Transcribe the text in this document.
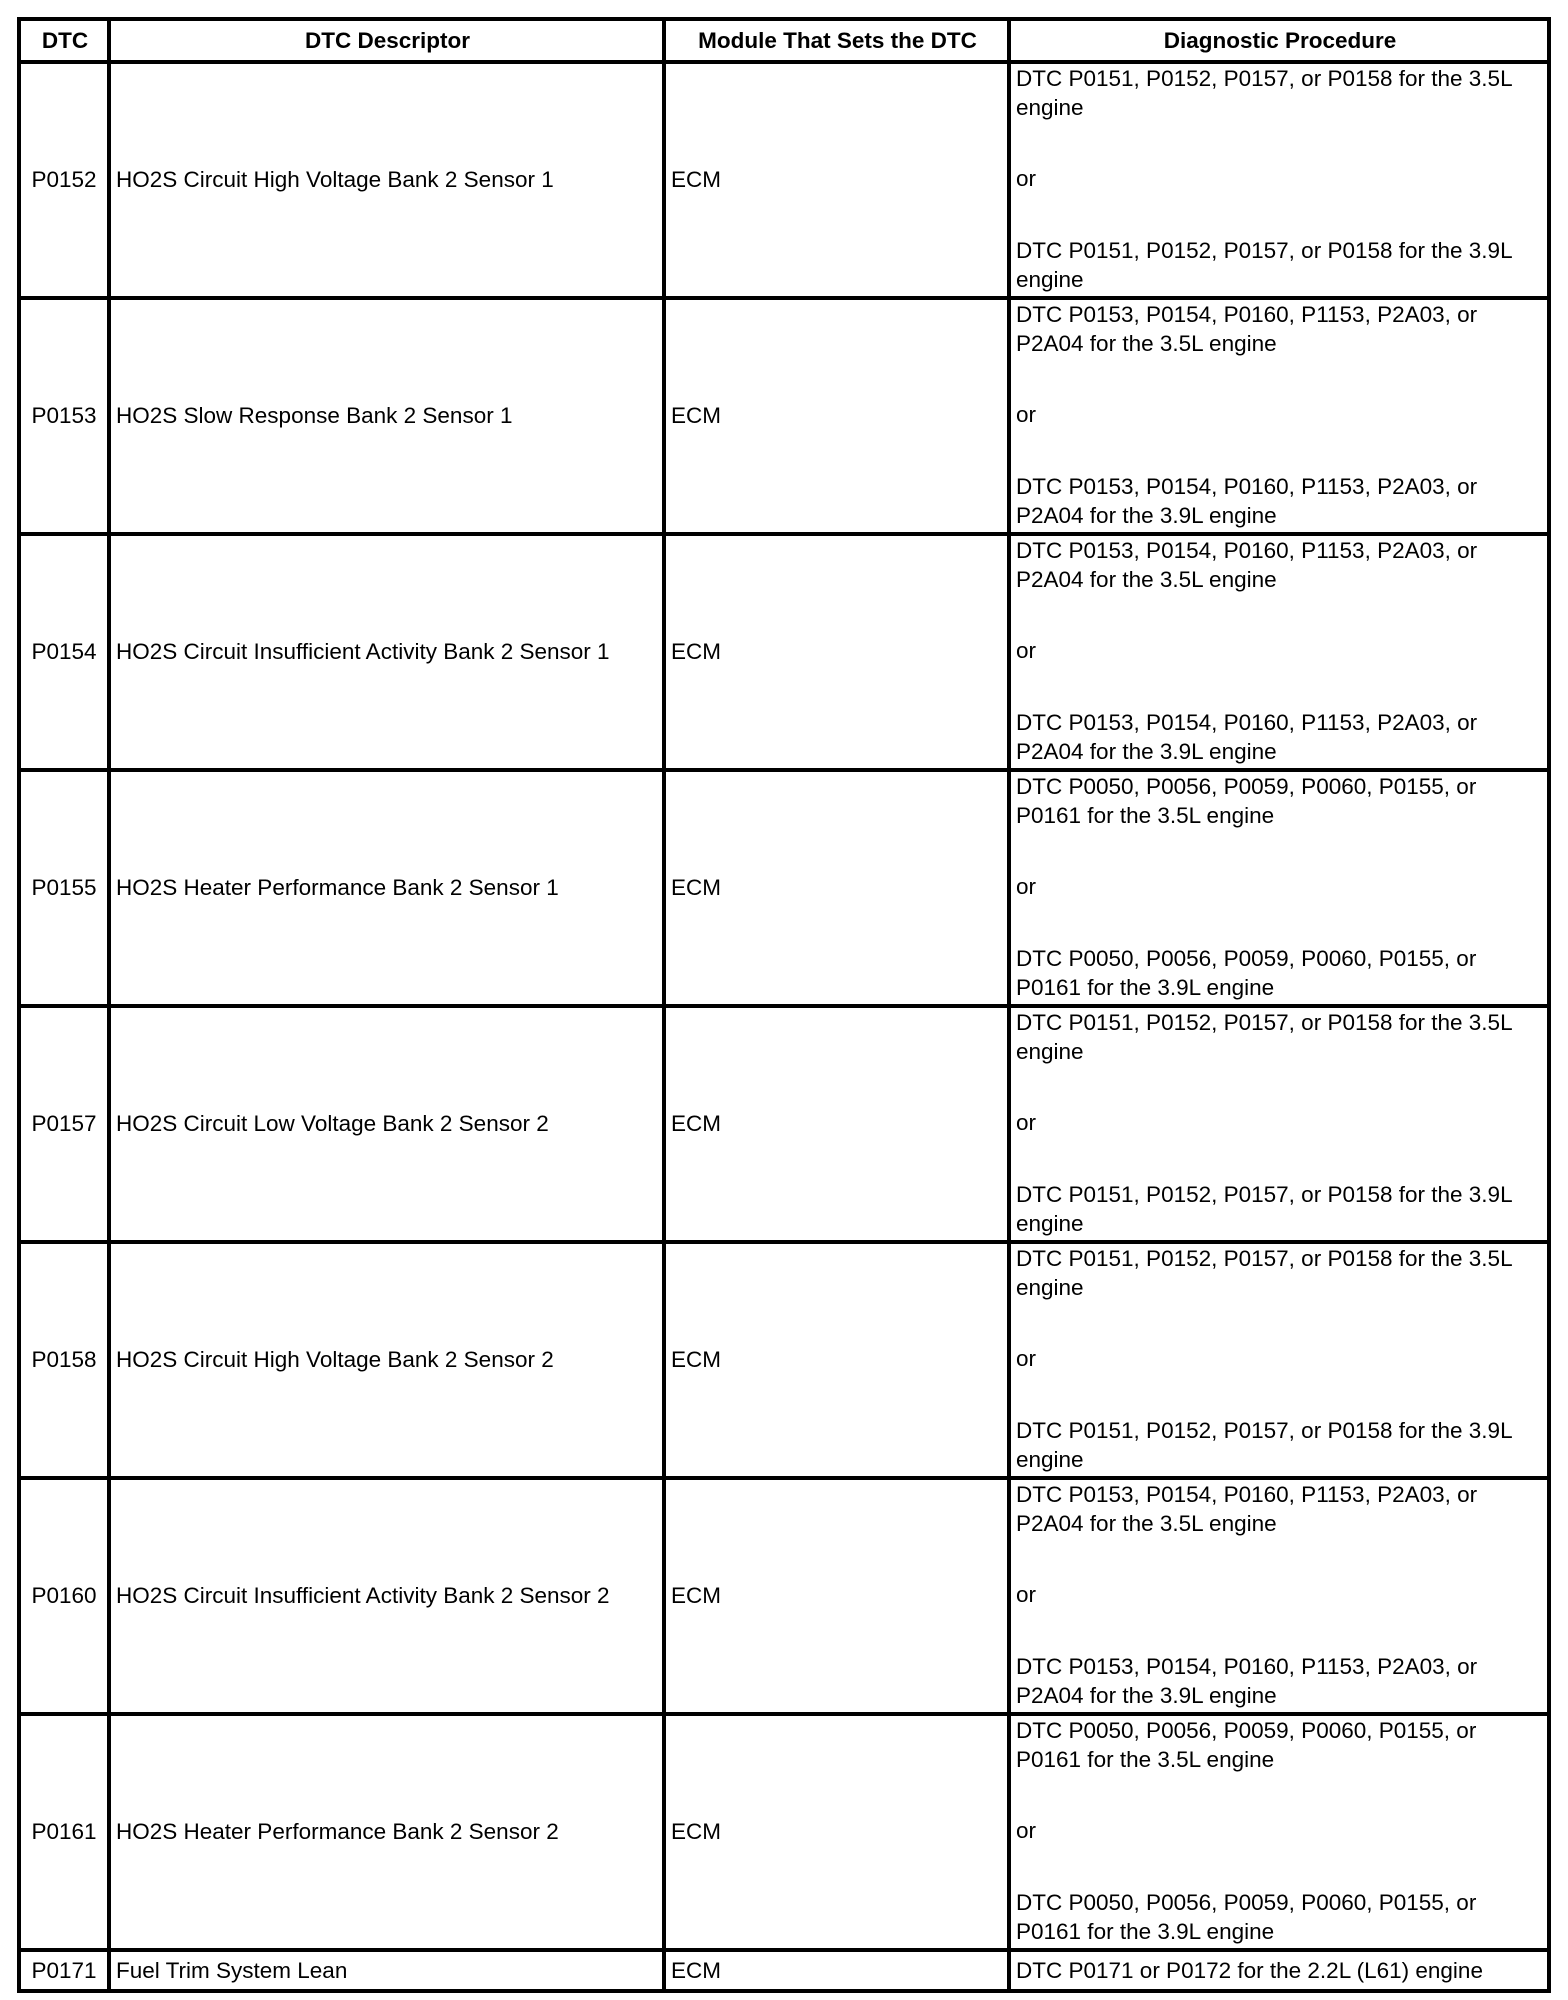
DTC	DTC Descriptor	Module That Sets the DTC	Diagnostic Procedure
P0152	HO2S Circuit High Voltage Bank 2 Sensor 1	ECM	DTC P0151, P0152, P0157, or P0158 for the 3.5L engine
or
DTC P0151, P0152, P0157, or P0158 for the 3.9L engine

P0153	HO2S Slow Response Bank 2 Sensor 1	ECM	DTC P0153, P0154, P0160, P1153, P2A03, or P2A04 for the 3.5L engine
or
DTC P0153, P0154, P0160, P1153, P2A03, or P2A04 for the 3.9L engine

P0154	HO2S Circuit Insufficient Activity Bank 2 Sensor 1	ECM	DTC P0153, P0154, P0160, P1153, P2A03, or P2A04 for the 3.5L engine
or
DTC P0153, P0154, P0160, P1153, P2A03, or P2A04 for the 3.9L engine

P0155	HO2S Heater Performance Bank 2 Sensor 1	ECM	DTC P0050, P0056, P0059, P0060, P0155, or P0161 for the 3.5L engine
or
DTC P0050, P0056, P0059, P0060, P0155, or P0161 for the 3.9L engine

P0157	HO2S Circuit Low Voltage Bank 2 Sensor 2	ECM	DTC P0151, P0152, P0157, or P0158 for the 3.5L engine
or
DTC P0151, P0152, P0157, or P0158 for the 3.9L engine

P0158	HO2S Circuit High Voltage Bank 2 Sensor 2	ECM	DTC P0151, P0152, P0157, or P0158 for the 3.5L engine
or
DTC P0151, P0152, P0157, or P0158 for the 3.9L engine

P0160	HO2S Circuit Insufficient Activity Bank 2 Sensor 2	ECM	DTC P0153, P0154, P0160, P1153, P2A03, or P2A04 for the 3.5L engine
or
DTC P0153, P0154, P0160, P1153, P2A03, or P2A04 for the 3.9L engine

P0161	HO2S Heater Performance Bank 2 Sensor 2	ECM	DTC P0050, P0056, P0059, P0060, P0155, or P0161 for the 3.5L engine
or
DTC P0050, P0056, P0059, P0060, P0155, or P0161 for the 3.9L engine

P0171	Fuel Trim System Lean	ECM	DTC P0171 or P0172 for the 2.2L (L61) engine
